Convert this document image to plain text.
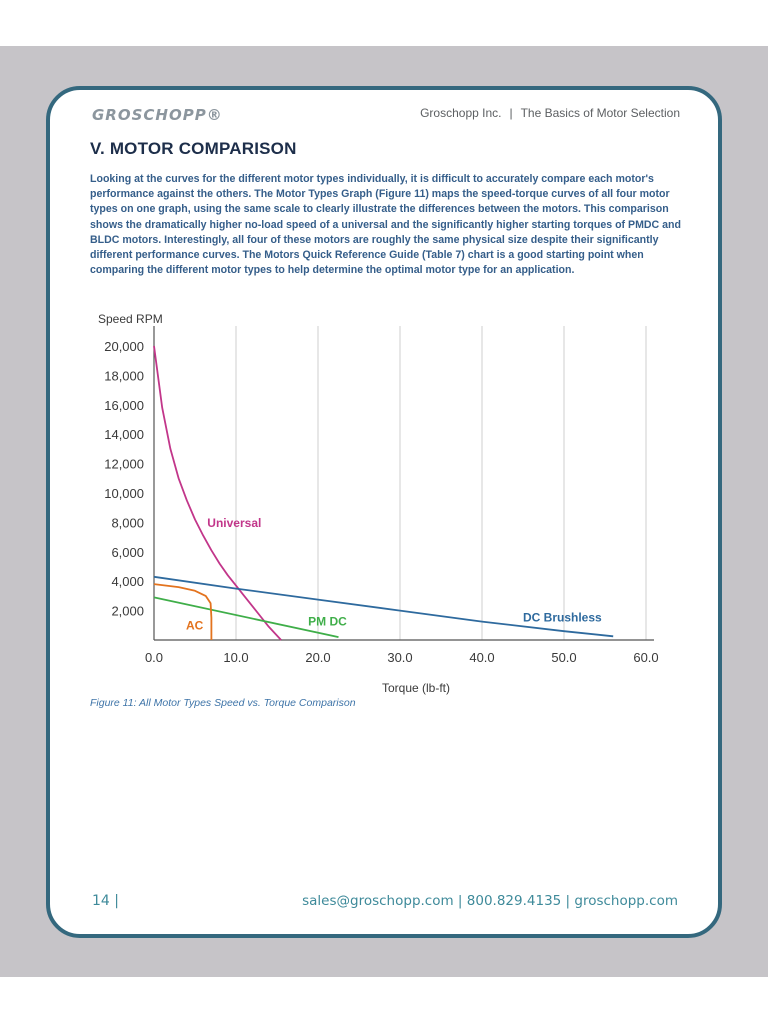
GROSCHOPP®	Groschopp Inc. | The Basics of Motor Selection
V. MOTOR COMPARISON
Looking at the curves for the different motor types individually, it is difficult to accurately compare each motor's performance against the others. The Motor Types Graph (Figure 11) maps the speed-torque curves of all four motor types on one graph, using the same scale to clearly illustrate the differences between the motors. This comparison shows the dramatically higher no-load speed of a universal and the significantly higher starting torques of PMDC and BLDC motors. Interestingly, all four of these motors are roughly the same physical size despite their significantly different performance curves. The Motors Quick Reference Guide (Table 7) chart is a good starting point when comparing the different motor types to help determine the optimal motor type for an application.
2,000
4,000
6,000
8,000
10,000
12,000
14,000
16,000
18,000
20,000
0.0	10.0	20.0	30.0	40.0	50.0	60.0
Speed RPM
Torque (lb-ft)
Universal
DC Brushless
PM DC
AC
Figure 11: All Motor Types Speed vs. Torque Comparison
14 |	sales@groschopp.com | 800.829.4135 | groschopp.com
